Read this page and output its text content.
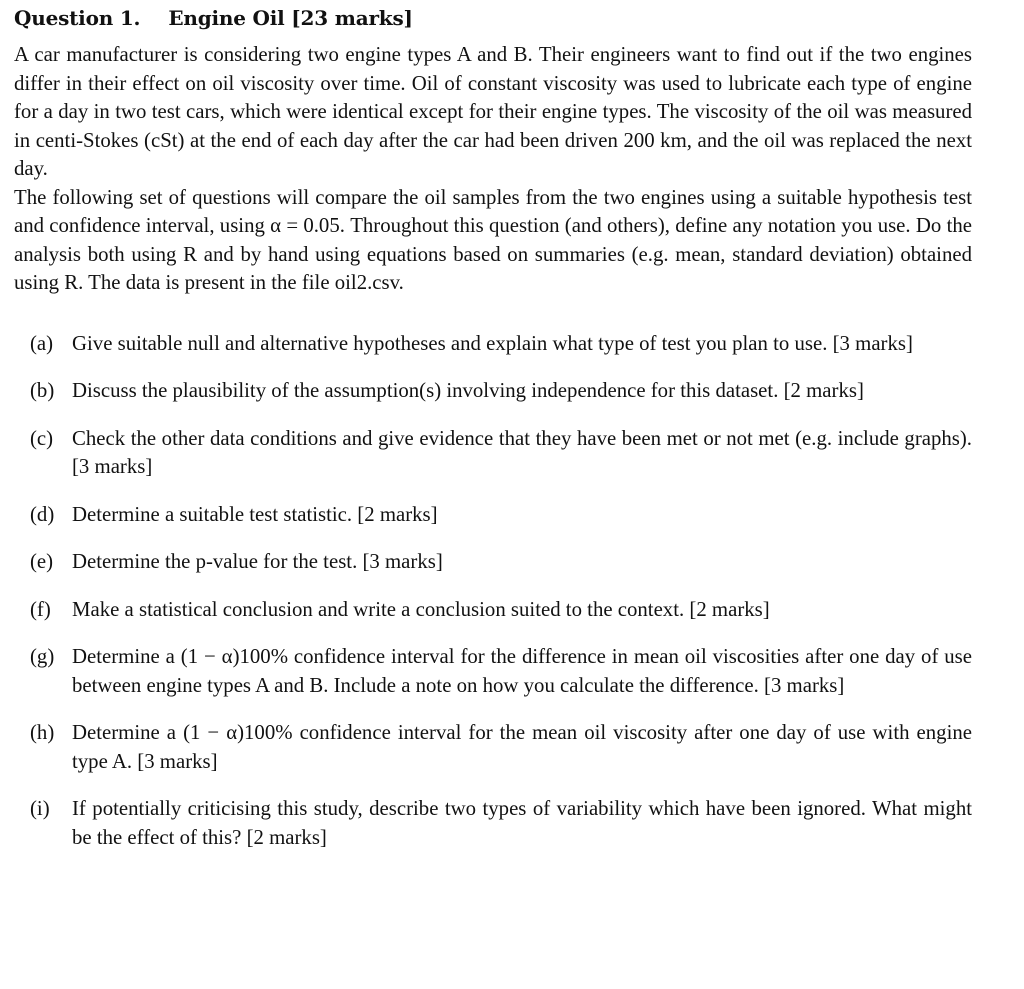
Question 1. Engine Oil [23 marks]

A car manufacturer is considering two engine types A and B. Their engineers want to find out if the two engines differ in their effect on oil viscosity over time. Oil of constant viscosity was used to lubricate each type of engine for a day in two test cars, which were identical except for their engine types. The viscosity of the oil was measured in centi-Stokes (cSt) at the end of each day after the car had been driven 200 km, and the oil was replaced the next day.

The following set of questions will compare the oil samples from the two engines using a suitable hypothesis test and confidence interval, using α = 0.05. Throughout this question (and others), define any notation you use. Do the analysis both using R and by hand using equations based on summaries (e.g. mean, standard deviation) obtained using R. The data is present in the file oil2.csv.

(a) Give suitable null and alternative hypotheses and explain what type of test you plan to use. [3 marks]
(b) Discuss the plausibility of the assumption(s) involving independence for this dataset. [2 marks]
(c) Check the other data conditions and give evidence that they have been met or not met (e.g. include graphs). [3 marks]
(d) Determine a suitable test statistic. [2 marks]
(e) Determine the p-value for the test. [3 marks]
(f)	Make a statistical conclusion and write a conclusion suited to the context. [2 marks]
(g) Determine a (1 − α)100% confidence interval for the difference in mean oil viscosities after one day of use between engine types A and B. Include a note on how you calculate the difference. [3 marks]
(h) Determine a (1 − α)100% confidence interval for the mean oil viscosity after one day of use with engine type A. [3 marks]
(i)	If potentially criticising this study, describe two types of variability which have been ignored. What might be the effect of this? [2 marks]
